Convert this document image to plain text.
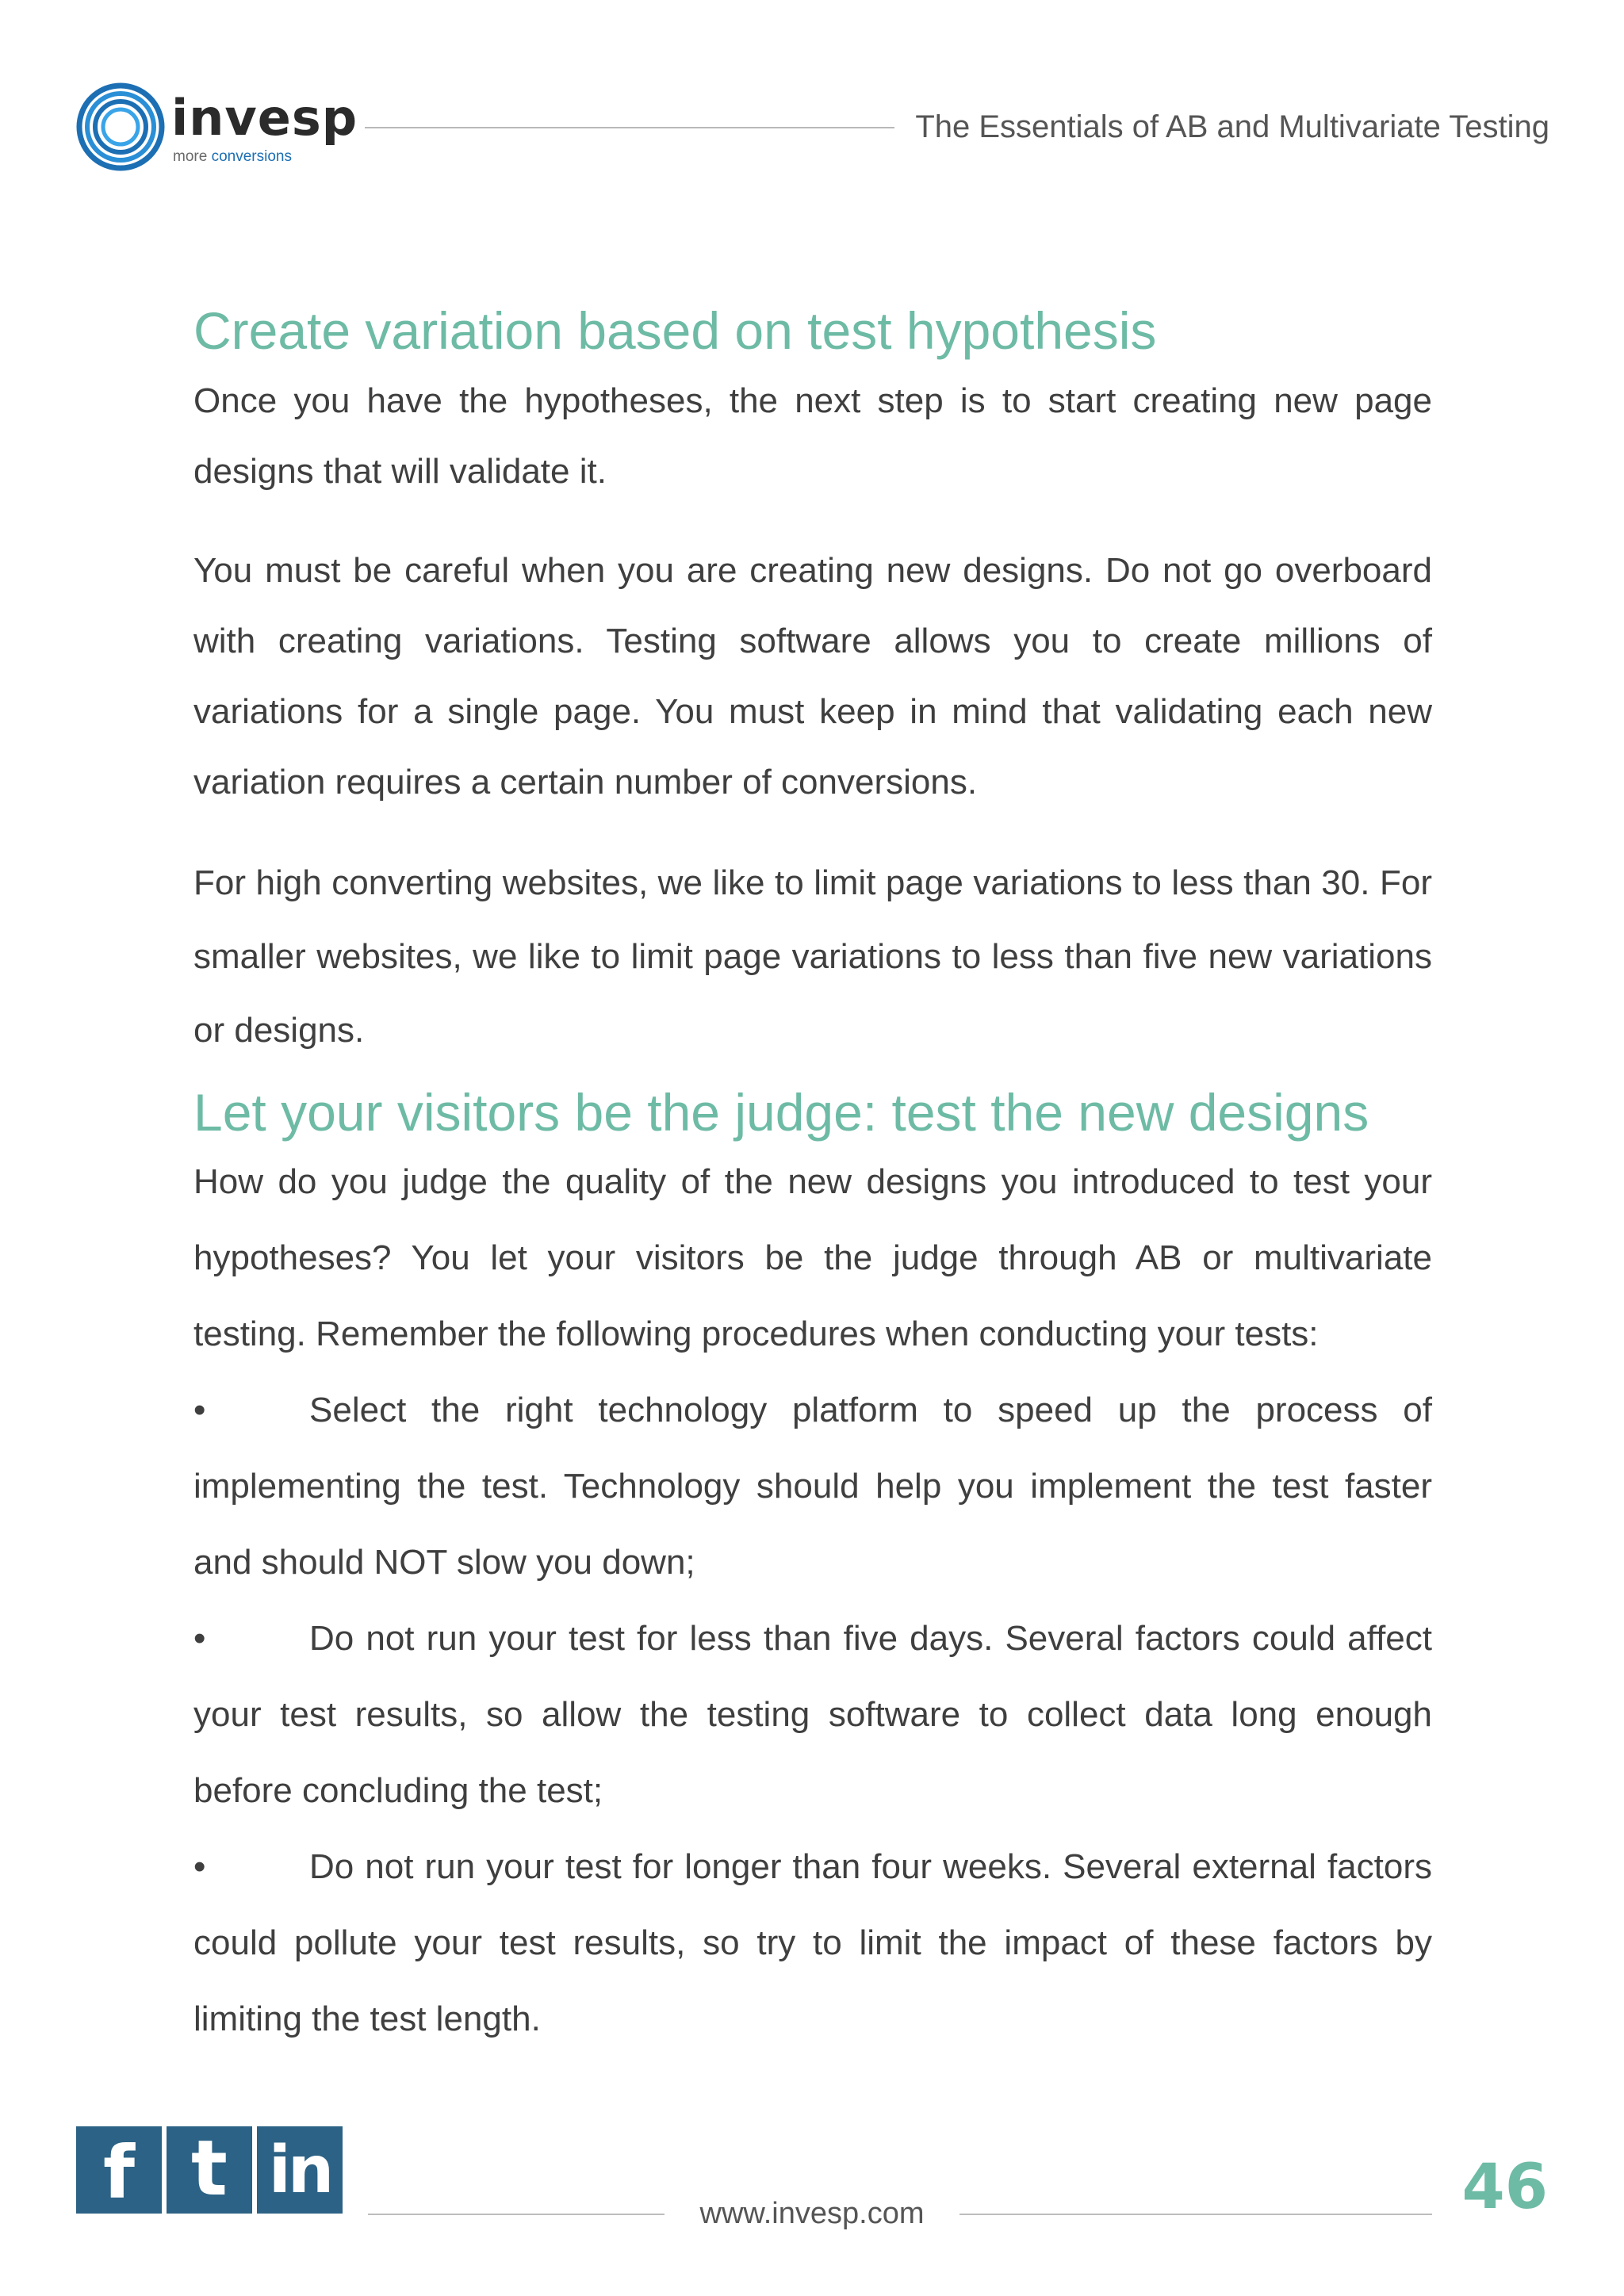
invesp
more conversions
The Essentials of AB and Multivariate Testing
Create variation based on test hypothesis

Once you have the hypotheses, the next step is to start creating new page designs that will validate it.

You must be careful when you are creating new designs. Do not go overboard with creating variations. Testing software allows you to create millions of variations for a single page. You must keep in mind that validating each new variation requires a certain number of conversions.

For high converting websites, we like to limit page variations to less than 30. For smaller websites, we like to limit page variations to less than five new variations or designs.

Let your visitors be the judge: test the new designs

How do you judge the quality of the new designs you introduced to test your hypotheses? You let your visitors be the judge through AB or multivariate testing. Remember the following procedures when conducting your tests:

•	Select the right technology platform to speed up the process of implementing the test. Technology should help you implement the test faster and should NOT slow you down;

•	Do not run your test for less than five days. Several factors could affect your test results, so allow the testing software to collect data long enough before concluding the test;

•	Do not run your test for longer than four weeks. Several external factors could pollute your test results, so try to limit the impact of these factors by limiting the test length.

f t in
www.invesp.com	46
